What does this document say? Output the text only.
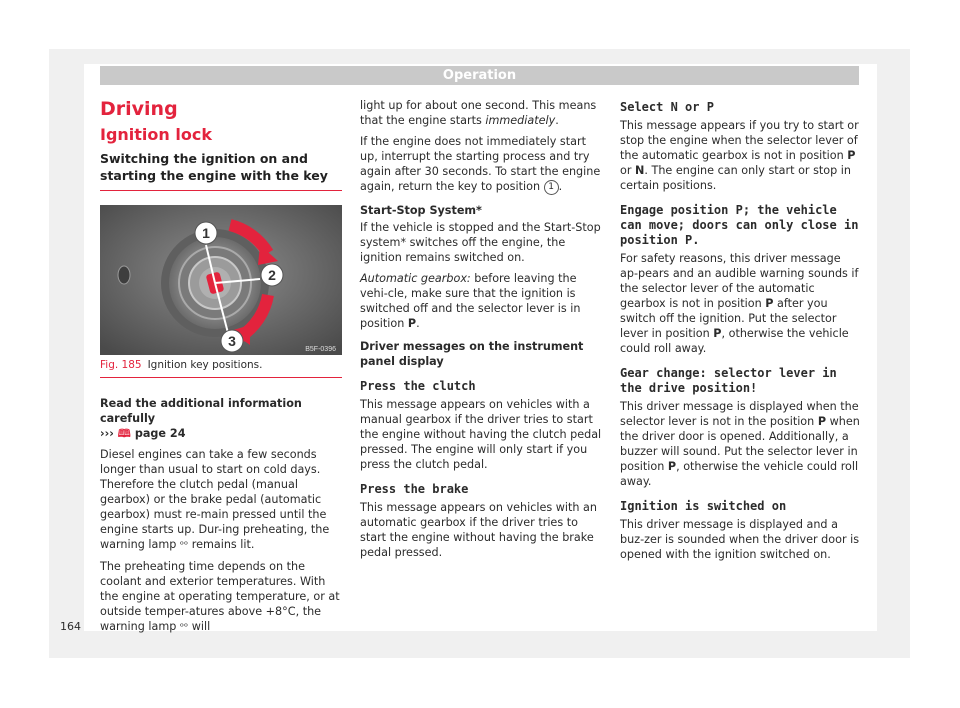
Operation
Driving
Ignition lock
Switching the ignition on and starting the engine with the key
1
2
3
B5F-0396
Fig. 185 Ignition key positions.

Read the additional information carefully
››› 🕮 page 24

Diesel engines can take a few seconds longer than usual to start on cold days. Therefore the clutch pedal (manual gearbox) or the brake pedal (automatic gearbox) must re-main pressed until the engine starts up. Dur-ing preheating, the warning lamp ᵒᵒ remains lit.

The preheating time depends on the coolant and exterior temperatures. With the engine at operating temperature, or at outside temper-atures above +8°C, the warning lamp ᵒᵒ will

light up for about one second. This means that the engine starts immediately.

If the engine does not immediately start up, interrupt the starting process and try again after 30 seconds. To start the engine again, return the key to position 1 .

Start-Stop System*

If the vehicle is stopped and the Start-Stop system* switches off the engine, the ignition remains switched on.

Automatic gearbox: before leaving the vehi-cle, make sure that the ignition is switched off and the selector lever is in position P.

Driver messages on the instrument panel display

Press the clutch

This message appears on vehicles with a manual gearbox if the driver tries to start the engine without having the clutch pedal pressed. The engine will only start if you press the clutch pedal.

Press the brake

This message appears on vehicles with an automatic gearbox if the driver tries to start the engine without having the brake pedal pressed.

Select N or P

This message appears if you try to start or stop the engine when the selector lever of the automatic gearbox is not in position P or N. The engine can only start or stop in certain positions.

Engage position P; the vehicle can move; doors can only close in position P.

For safety reasons, this driver message ap-pears and an audible warning sounds if the selector lever of the automatic gearbox is not in position P after you switch off the ignition. Put the selector lever in position P, otherwise the vehicle could roll away.

Gear change: selector lever in the drive position!

This driver message is displayed when the selector lever is not in the position P when the driver door is opened. Additionally, a buzzer will sound. Put the selector lever in position P, otherwise the vehicle could roll away.

Ignition is switched on

This driver message is displayed and a buz-zer is sounded when the driver door is opened with the ignition switched on.

164
